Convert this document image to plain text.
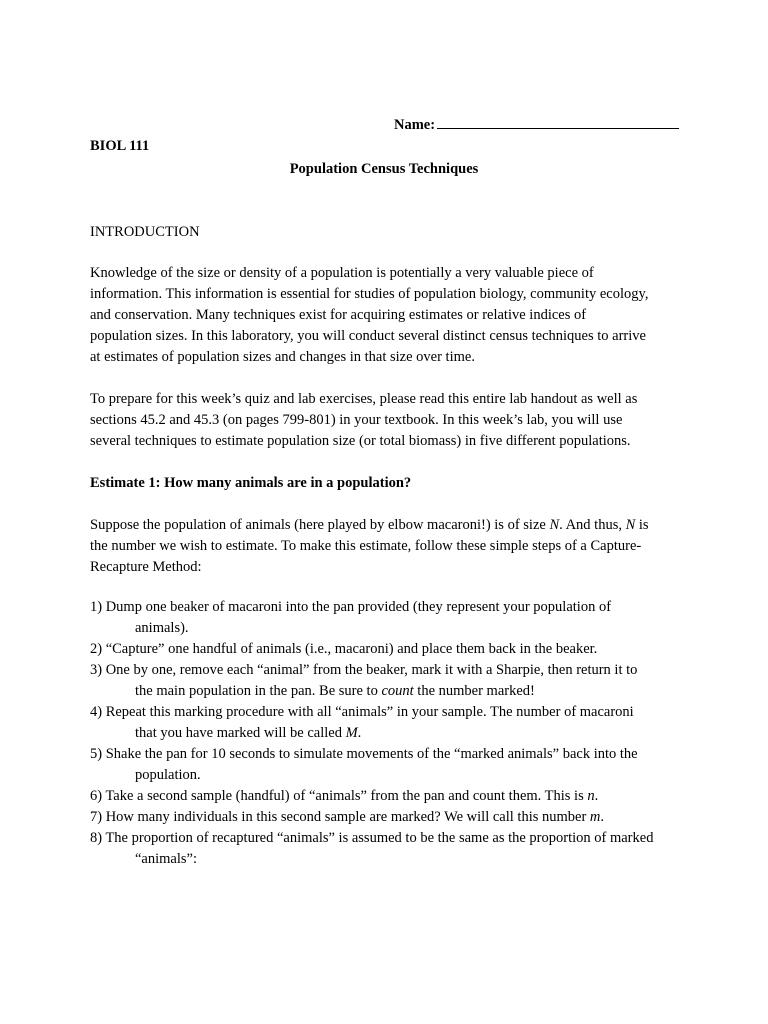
Name:
BIOL 111
Population Census Techniques
INTRODUCTION
Knowledge of the size or density of a population is potentially a very valuable piece of
information. This information is essential for studies of population biology, community ecology,
and conservation. Many techniques exist for acquiring estimates or relative indices of
population sizes. In this laboratory, you will conduct several distinct census techniques to arrive
at estimates of population sizes and changes in that size over time.
To prepare for this week’s quiz and lab exercises, please read this entire lab handout as well as
sections 45.2 and 45.3 (on pages 799-801) in your textbook. In this week’s lab, you will use
several techniques to estimate population size (or total biomass) in five different populations.
Estimate 1: How many animals are in a population?
Suppose the population of animals (here played by elbow macaroni!) is of size N. And thus, N is
the number we wish to estimate. To make this estimate, follow these simple steps of a Capture-
Recapture Method:
1) Dump one beaker of macaroni into the pan provided (they represent your population of
animals).
2) “Capture” one handful of animals (i.e., macaroni) and place them back in the beaker.
3) One by one, remove each “animal” from the beaker, mark it with a Sharpie, then return it to
the main population in the pan. Be sure to count the number marked!
4) Repeat this marking procedure with all “animals” in your sample. The number of macaroni
that you have marked will be called M.
5) Shake the pan for 10 seconds to simulate movements of the “marked animals” back into the
population.
6) Take a second sample (handful) of “animals” from the pan and count them. This is n.
7) How many individuals in this second sample are marked? We will call this number m.
8) The proportion of recaptured “animals” is assumed to be the same as the proportion of marked
“animals”:
